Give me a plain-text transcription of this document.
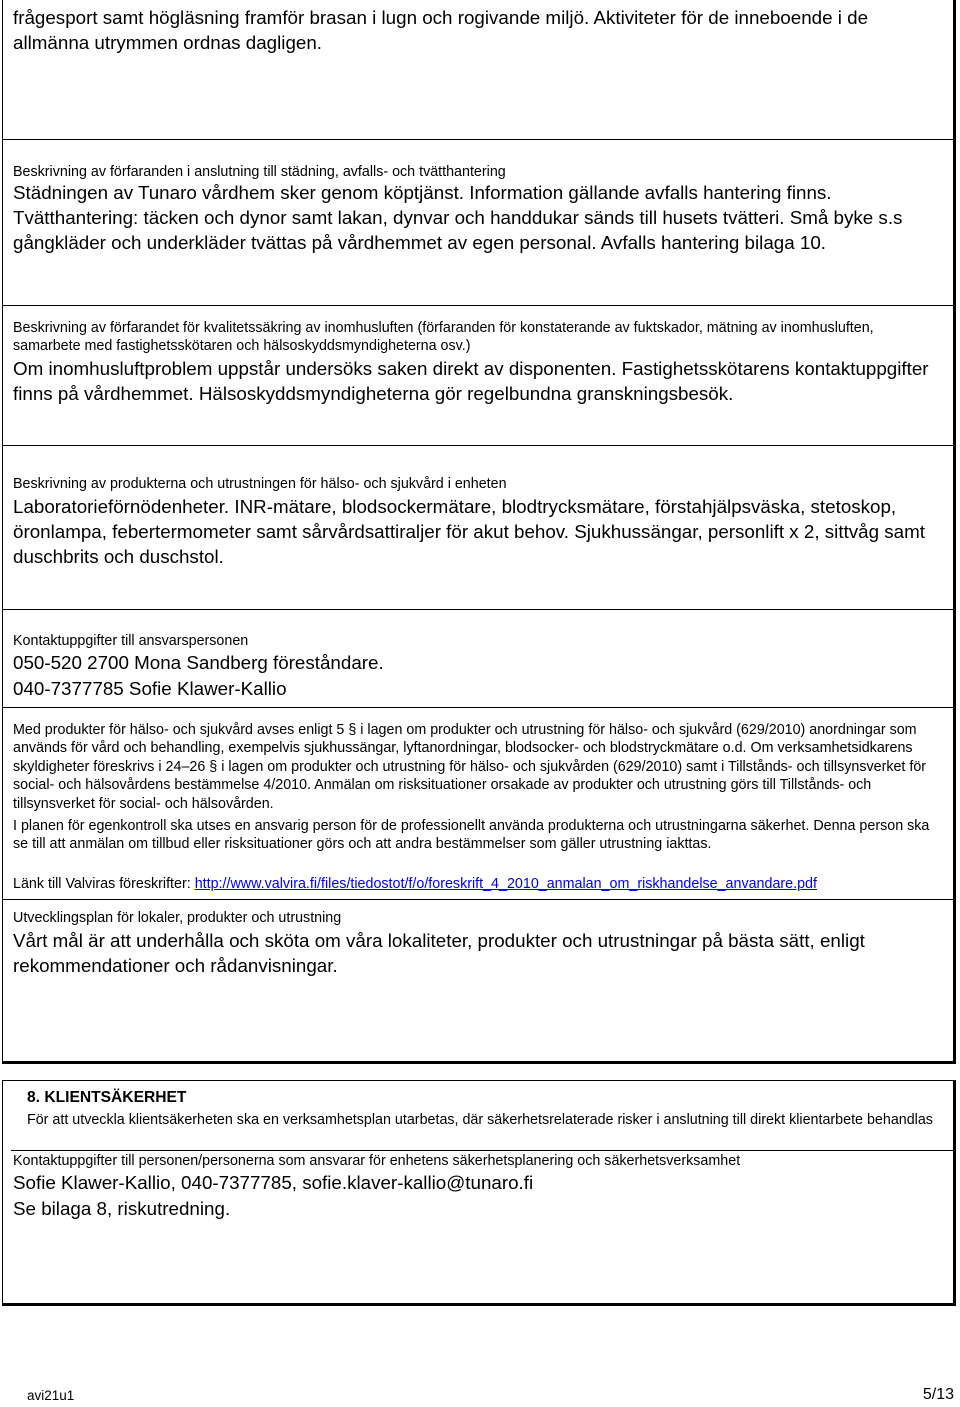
frågesport samt högläsning framför brasan i lugn och rogivande miljö. Aktiviteter för de inneboende i de allmänna utrymmen ordnas dagligen.

Beskrivning av förfaranden i anslutning till städning, avfalls- och tvätthantering

Städningen av Tunaro vårdhem sker genom köptjänst. Information gällande avfalls hantering finns. Tvätthantering: täcken och dynor samt lakan, dynvar och handdukar sänds till husets tvätteri. Små byke s.s gångkläder och underkläder tvättas på vårdhemmet av egen personal. Avfalls hantering bilaga 10.

Beskrivning av förfarandet för kvalitetssäkring av inomhusluften (förfaranden för konstaterande av fuktskador, mätning av inomhusluften, samarbete med fastighetsskötaren och hälsoskyddsmyndigheterna osv.)

Om inomhusluftproblem uppstår undersöks saken direkt av disponenten. Fastighetsskötarens kontaktuppgifter finns på vårdhemmet. Hälsoskyddsmyndigheterna gör regelbundna granskningsbesök.

Beskrivning av produkterna och utrustningen för hälso- och sjukvård i enheten

Laboratorieförnödenheter. INR-mätare, blodsockermätare, blodtrycksmätare, förstahjälpsväska, stetoskop, öronlampa, febertermometer samt sårvårdsattiraljer för akut behov. Sjukhussängar, personlift x 2, sittvåg samt duschbrits och duschstol.

Kontaktuppgifter till ansvarspersonen

050-520 2700 Mona Sandberg föreståndare.

040-7377785 Sofie Klawer-Kallio

Med produkter för hälso- och sjukvård avses enligt 5 § i lagen om produkter och utrustning för hälso- och sjukvård (629/2010) anordningar som används för vård och behandling, exempelvis sjukhussängar, lyftanordningar, blodsocker- och blodstryckmätare o.d. Om verksamhetsidkarens skyldigheter föreskrivs i 24–26 § i lagen om produkter och utrustning för hälso- och sjukvården (629/2010) samt i Tillstånds- och tillsynsverket för social- och hälsovårdens bestämmelse 4/2010. Anmälan om risksituationer orsakade av produkter och utrustning görs till Tillstånds- och tillsynsverket för social- och hälsovården.

I planen för egenkontroll ska utses en ansvarig person för de professionellt använda produkterna och utrustningarna säkerhet. Denna person ska se till att anmälan om tillbud eller risksituationer görs och att andra bestämmelser som gäller utrustning iakttas.

Länk till Valviras föreskrifter: http://www.valvira.fi/files/tiedostot/f/o/foreskrift_4_2010_anmalan_om_riskhandelse_anvandare.pdf

Utvecklingsplan för lokaler, produkter och utrustning

Vårt mål är att underhålla och sköta om våra lokaliteter, produkter och utrustningar på bästa sätt, enligt rekommendationer och rådanvisningar.

8. KLIENTSÄKERHET

För att utveckla klientsäkerheten ska en verksamhetsplan utarbetas, där säkerhetsrelaterade risker i anslutning till direkt klientarbete behandlas

Kontaktuppgifter till personen/personerna som ansvarar för enhetens säkerhetsplanering och säkerhetsverksamhet

Sofie Klawer-Kallio, 040-7377785, sofie.klaver-kallio@tunaro.fi

Se bilaga 8, riskutredning.

avi21u1	5/13
